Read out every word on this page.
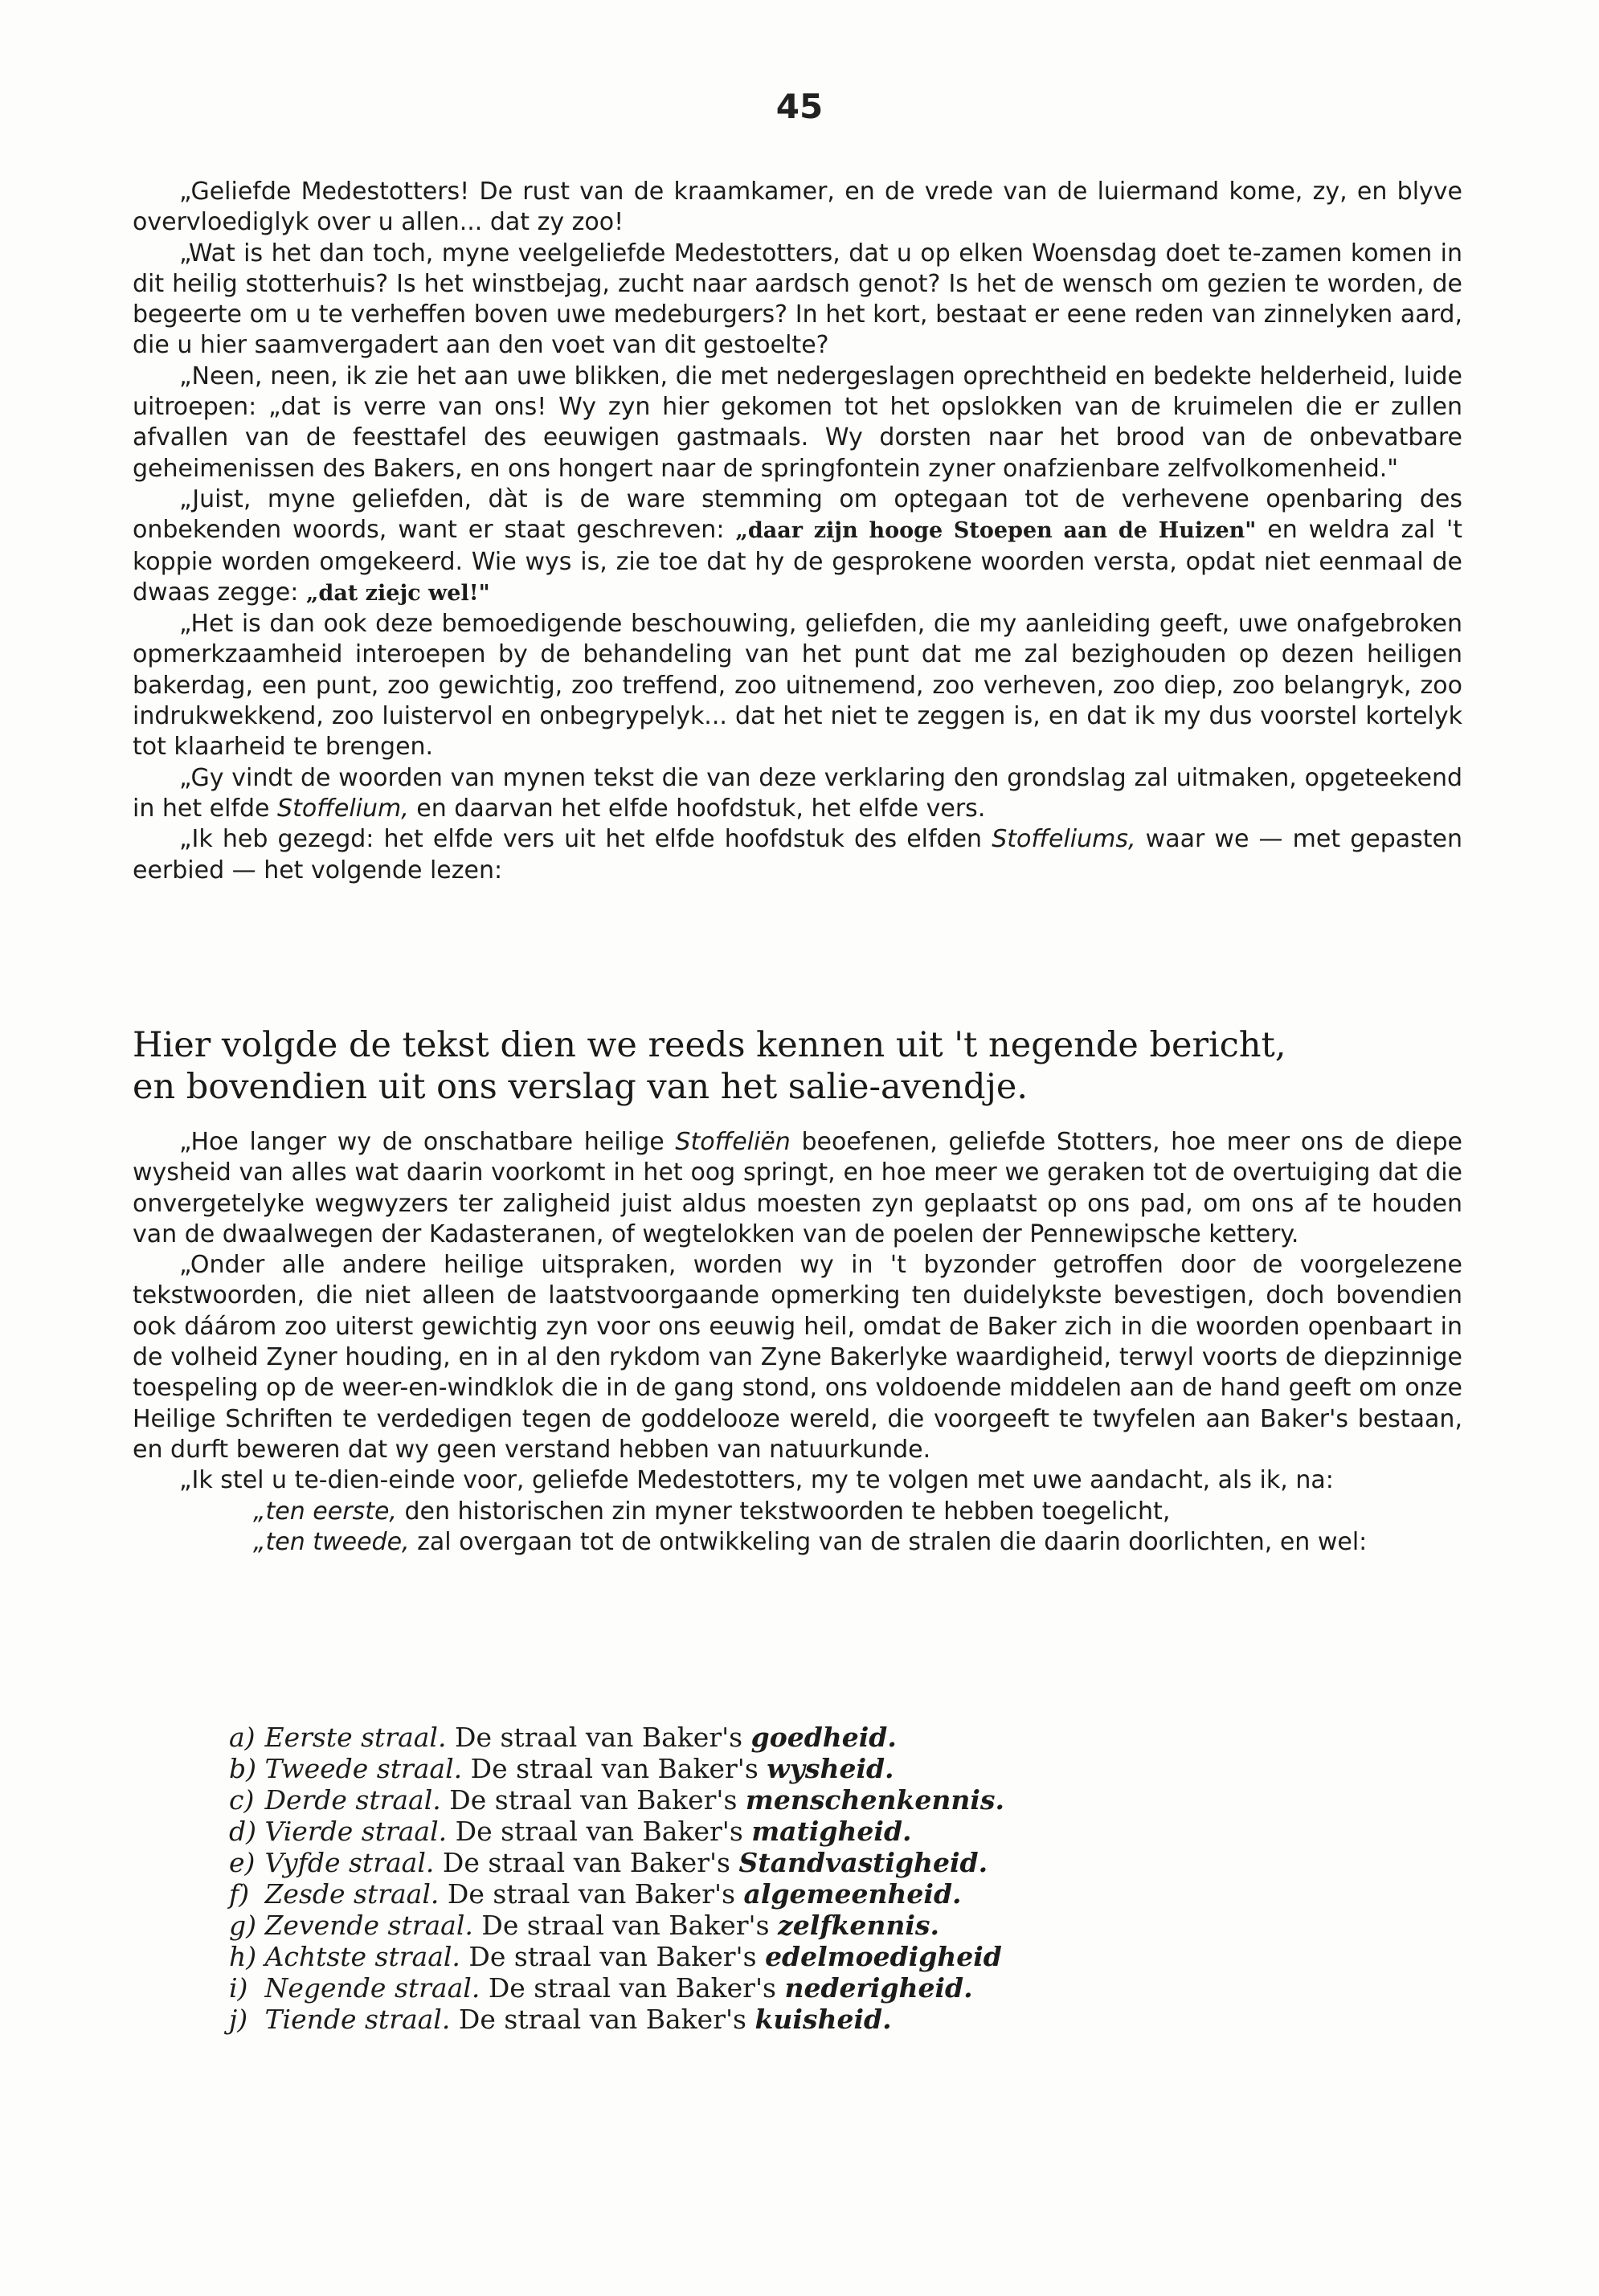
45

„Geliefde Medestotters! De rust van de kraamkamer, en de vrede van de luiermand kome, zy, en blyve overvloediglyk over u allen... dat zy zoo!

„Wat is het dan toch, myne veelgeliefde Medestotters, dat u op elken Woensdag doet te-zamen komen in dit heilig stotterhuis? Is het winstbejag, zucht naar aardsch genot? Is het de wensch om gezien te worden, de begeerte om u te verheffen boven uwe medeburgers? In het kort, bestaat er eene reden van zinnelyken aard, die u hier saamvergadert aan den voet van dit gestoelte?

„Neen, neen, ik zie het aan uwe blikken, die met nedergeslagen oprechtheid en bedekte helderheid, luide uitroepen: „dat is verre van ons! Wy zyn hier gekomen tot het opslokken van de kruimelen die er zullen afvallen van de feesttafel des eeuwigen gastmaals. Wy dorsten naar het brood van de onbevatbare geheimenissen des Bakers, en ons hongert naar de springfontein zyner onafzienbare zelfvolkomenheid."

„Juist, myne geliefden, dàt is de ware stemming om optegaan tot de verhevene openbaring des onbekenden woords, want er staat geschreven: „daar zijn hooge Stoepen aan de Huizen" en weldra zal 't koppie worden omgekeerd. Wie wys is, zie toe dat hy de gesprokene woorden versta, opdat niet eenmaal de dwaas zegge: „dat ziejc wel!"

„Het is dan ook deze bemoedigende beschouwing, geliefden, die my aanleiding geeft, uwe onafgebroken opmerkzaamheid interoepen by de behandeling van het punt dat me zal bezighouden op dezen heiligen bakerdag, een punt, zoo gewichtig, zoo treffend, zoo uitnemend, zoo verheven, zoo diep, zoo belangryk, zoo indrukwekkend, zoo luistervol en onbegrypelyk... dat het niet te zeggen is, en dat ik my dus voorstel kortelyk tot klaarheid te brengen.

„Gy vindt de woorden van mynen tekst die van deze verklaring den grondslag zal uitmaken, opgeteekend in het elfde Stoffelium, en daarvan het elfde hoofdstuk, het elfde vers.

„Ik heb gezegd: het elfde vers uit het elfde hoofdstuk des elfden Stoffeliums, waar we — met gepasten eerbied — het volgende lezen:

Hier volgde de tekst dien we reeds kennen uit 't negende bericht,

en bovendien uit ons verslag van het salie-avendje.

„Hoe langer wy de onschatbare heilige Stoffeliën beoefenen, geliefde Stotters, hoe meer ons de diepe wysheid van alles wat daarin voorkomt in het oog springt, en hoe meer we geraken tot de overtuiging dat die onvergetelyke wegwyzers ter zaligheid juist aldus moesten zyn geplaatst op ons pad, om ons af te houden van de dwaalwegen der Kadasteranen, of wegtelokken van de poelen der Pennewipsche kettery.

„Onder alle andere heilige uitspraken, worden wy in 't byzonder getroffen door de voorgelezene tekstwoorden, die niet alleen de laatstvoorgaande opmerking ten duidelykste bevestigen, doch bovendien ook dáárom zoo uiterst gewichtig zyn voor ons eeuwig heil, omdat de Baker zich in die woorden openbaart in de volheid Zyner houding, en in al den rykdom van Zyne Bakerlyke waardigheid, terwyl voorts de diepzinnige toespeling op de weer-en-windklok die in de gang stond, ons voldoende middelen aan de hand geeft om onze Heilige Schriften te verdedigen tegen de goddelooze wereld, die voorgeeft te twyfelen aan Baker's bestaan, en durft beweren dat wy geen verstand hebben van natuurkunde.

„Ik stel u te-dien-einde voor, geliefde Medestotters, my te volgen met uwe aandacht, als ik, na:

„ten eerste, den historischen zin myner tekstwoorden te hebben toegelicht,

„ten tweede, zal overgaan tot de ontwikkeling van de stralen die daarin doorlichten, en wel:

a) Eerste straal. De straal van Baker's goedheid.

b) Tweede straal. De straal van Baker's wysheid.

c) Derde straal. De straal van Baker's menschenkennis.

d) Vierde straal. De straal van Baker's matigheid.

e) Vyfde straal. De straal van Baker's Standvastigheid.

f) Zesde straal. De straal van Baker's algemeenheid.

g) Zevende straal. De straal van Baker's zelfkennis.

h) Achtste straal. De straal van Baker's edelmoedigheid

i) Negende straal. De straal van Baker's nederigheid.

j) Tiende straal. De straal van Baker's kuisheid.
